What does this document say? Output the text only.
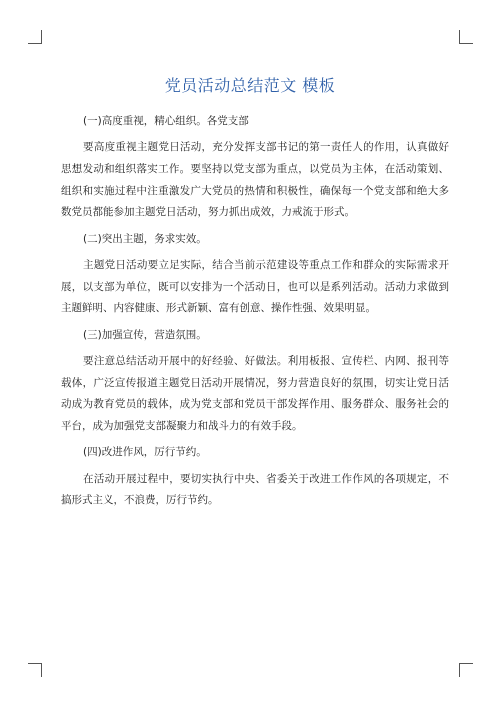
党员活动总结范文 模板

(一)高度重视，精心组织。各党支部

要高度重视主题党日活动，充分发挥支部书记的第一责任人的作用，认真做好思想发动和组织落实工作。要坚持以党支部为重点，以党员为主体，在活动策划、组织和实施过程中注重激发广大党员的热情和积极性，确保每一个党支部和绝大多数党员都能参加主题党日活动，努力抓出成效，力戒流于形式。

(二)突出主题，务求实效。

主题党日活动要立足实际，结合当前示范建设等重点工作和群众的实际需求开展，以支部为单位，既可以安排为一个活动日，也可以是系列活动。活动力求做到主题鲜明、内容健康、形式新颖、富有创意、操作性强、效果明显。

(三)加强宣传，营造氛围。

要注意总结活动开展中的好经验、好做法。利用板报、宣传栏、内网、报刊等载体，广泛宣传报道主题党日活动开展情况，努力营造良好的氛围，切实让党日活动成为教育党员的载体，成为党支部和党员干部发挥作用、服务群众、服务社会的平台，成为加强党支部凝聚力和战斗力的有效手段。

(四)改进作风，厉行节约。

在活动开展过程中，要切实执行中央、省委关于改进工作作风的各项规定，不搞形式主义，不浪费，厉行节约。
